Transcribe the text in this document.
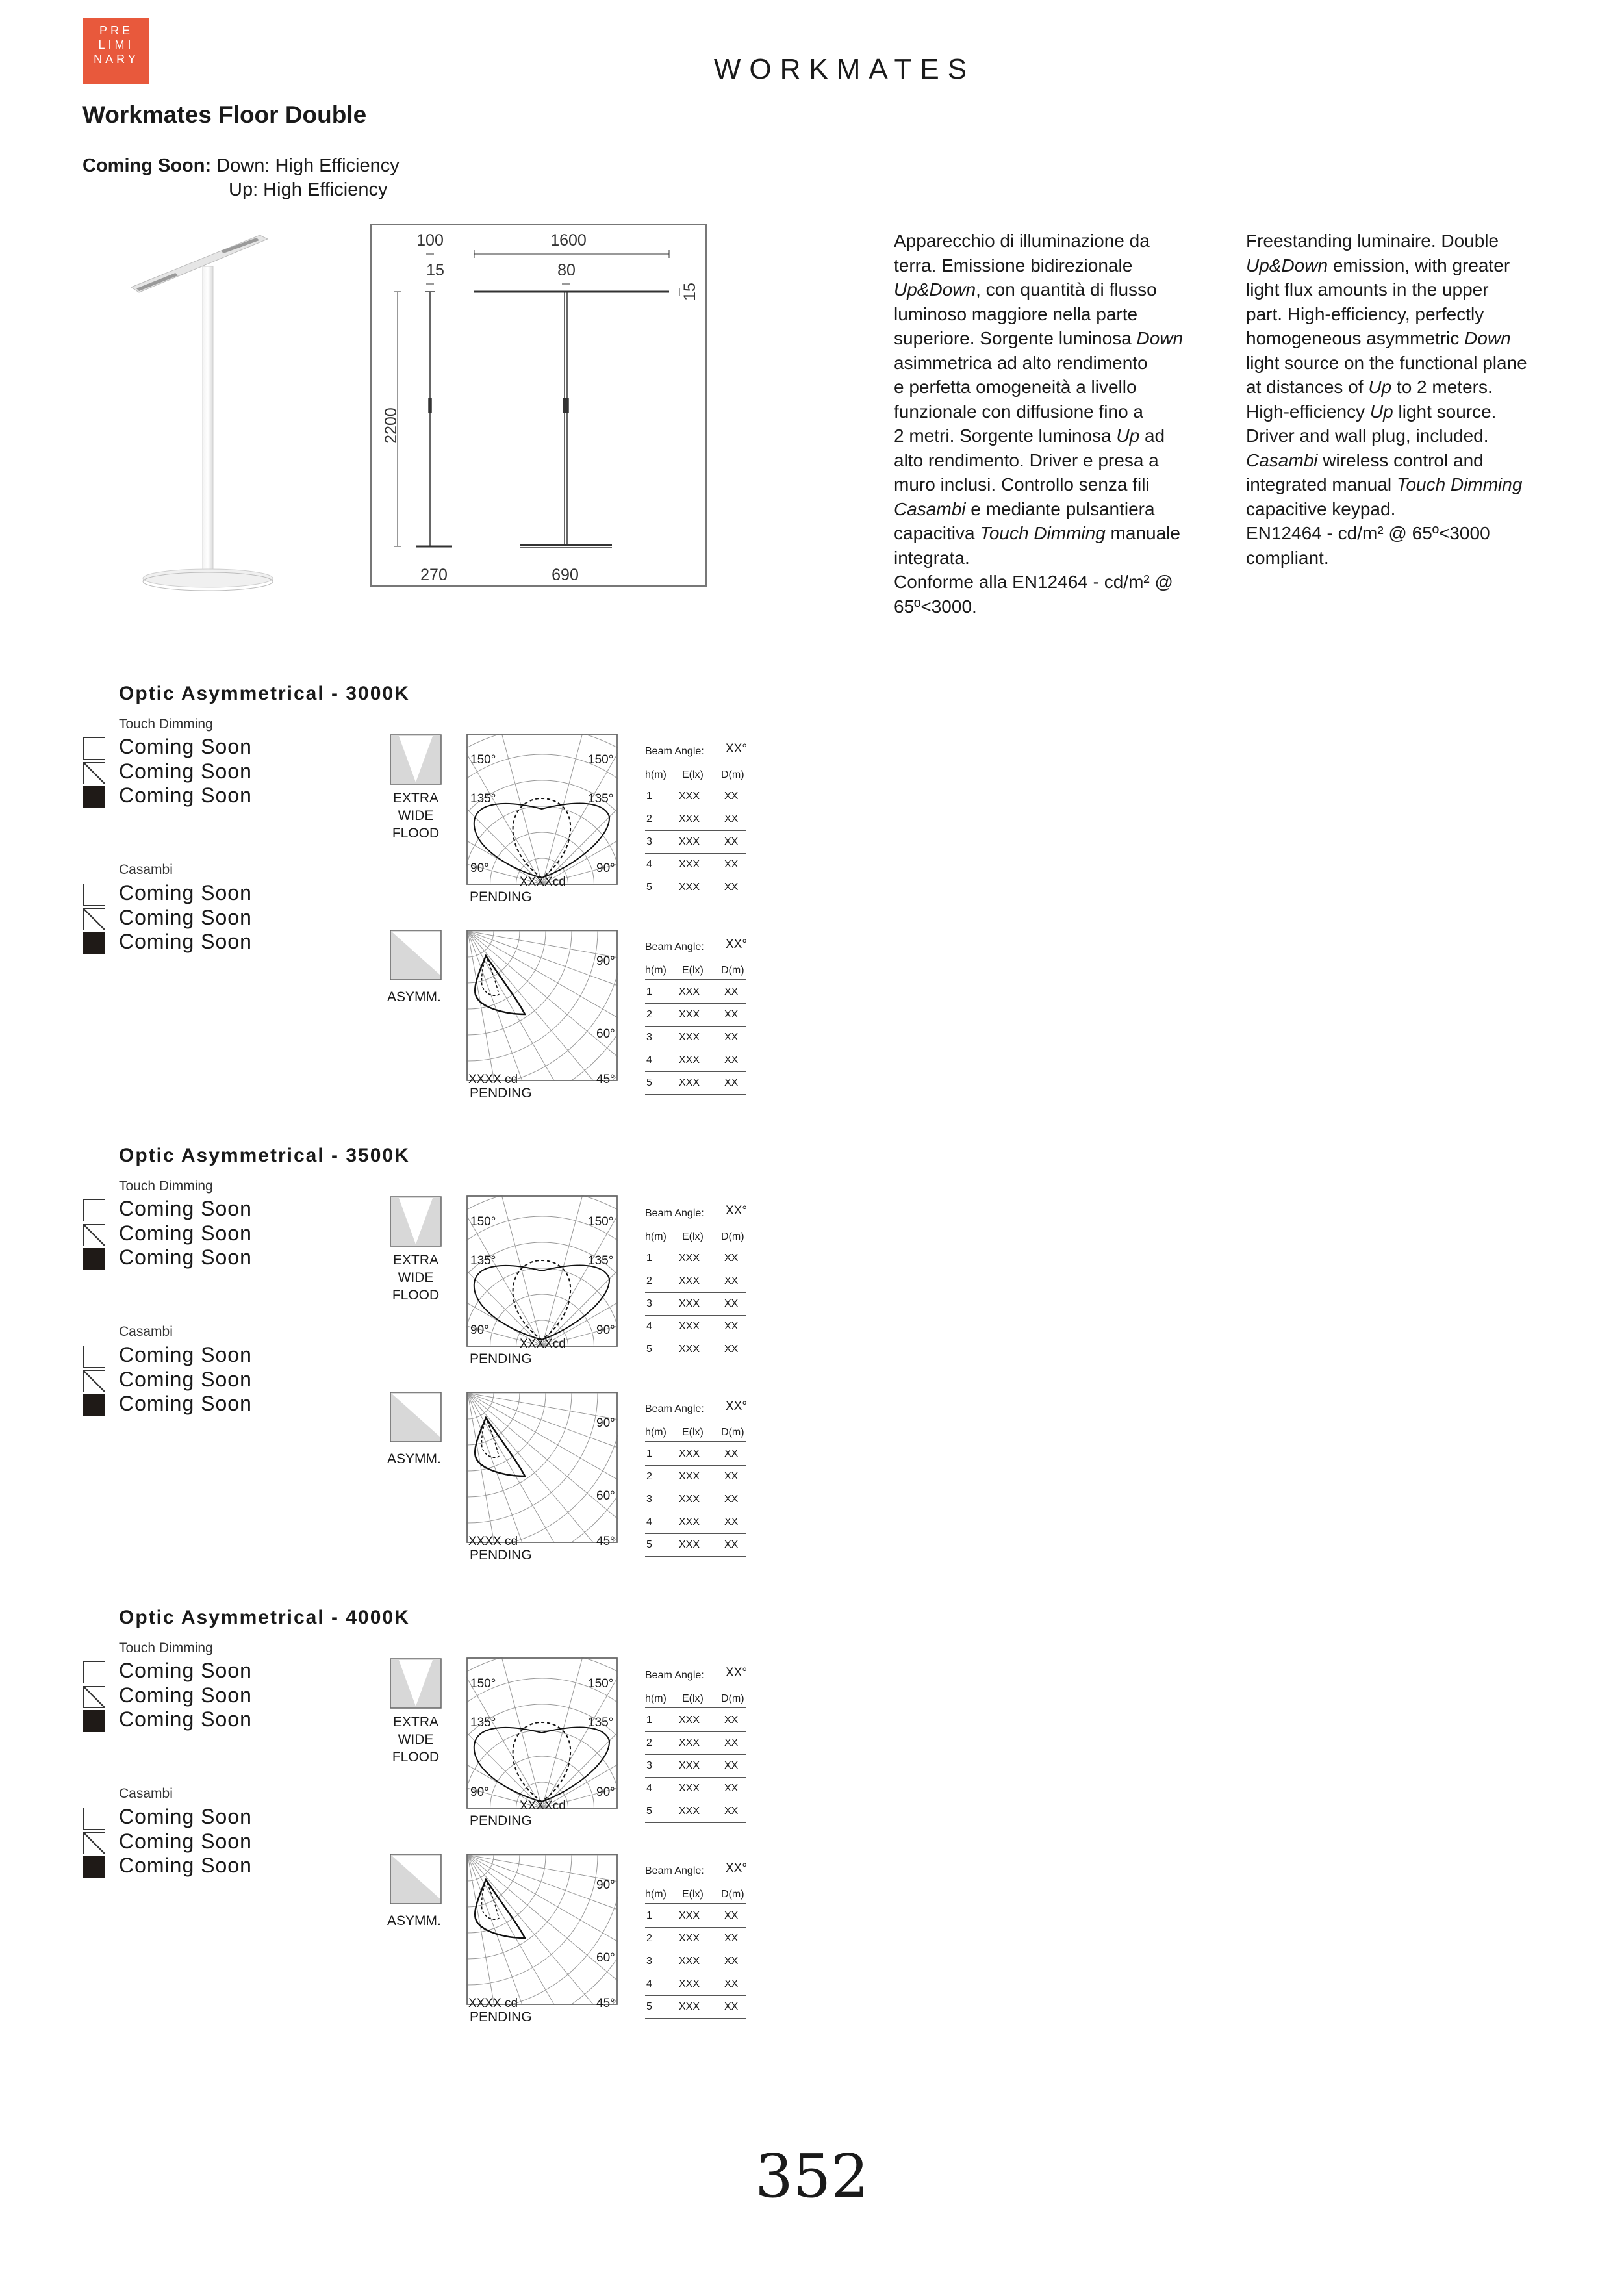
PRE
LIMI
NARY	WORKMATES
Workmates Floor Double
Coming Soon: Down: High Efficiency
Up: High Efficiency
100	1600
15	80
15
2200
270	690
Apparecchio di illuminazione da
terra. Emissione bidirezionale
Up&Down, con quantità di flusso
luminoso maggiore nella parte
superiore. Sorgente luminosa Down
asimmetrica ad alto rendimento
e perfetta omogeneità a livello
funzionale con diffusione fino a
2 metri. Sorgente luminosa Up ad
alto rendimento. Driver e presa a
muro inclusi. Controllo senza fili
Casambi e mediante pulsantiera
capacitiva Touch Dimming manuale
integrata.
Conforme alla EN12464 - cd/m² @
65º<3000.
Freestanding luminaire. Double
Up&Down emission, with greater
light flux amounts in the upper
part. High-efficiency, perfectly
homogeneous asymmetric Down
light source on the functional plane
at distances of Up to 2 meters.
High-efficiency Up light source.
Driver and wall plug, included.
Casambi wireless control and
integrated manual Touch Dimming
capacitive keypad.
EN12464 - cd/m² @ 65º<3000
compliant.
Optic Asymmetrical - 3000K
Touch Dimming
Coming Soon
Coming Soon
Coming Soon
Casambi
Coming Soon
Coming Soon
Coming Soon
EXTRA
WIDE
FLOOD
150°	150°
135°	135°
90°	90°
XXXXcd
PENDING
Beam Angle: XX°
h(m) E(lx) D(m)
1	XXX XX
2	XXX XX
3	XXX XX
4	XXX XX
5	XXX XX
ASYMM.
90°
60°
45°
XXXX cd
PENDING
Beam Angle: XX°
h(m) E(lx) D(m)
1	XXX XX
2	XXX XX
3	XXX XX
4	XXX XX
5	XXX XX
Optic Asymmetrical - 3500K
Touch Dimming
Coming Soon
Coming Soon
Coming Soon
Casambi
Coming Soon
Coming Soon
Coming Soon
EXTRA
WIDE
FLOOD
150°	150°
135°	135°
90°	90°
XXXXcd
PENDING
Beam Angle: XX°
h(m) E(lx) D(m)
1	XXX XX
2	XXX XX
3	XXX XX
4	XXX XX
5	XXX XX
ASYMM.
90°
60°
45°
XXXX cd
PENDING
Beam Angle: XX°
h(m) E(lx) D(m)
1	XXX XX
2	XXX XX
3	XXX XX
4	XXX XX
5	XXX XX
Optic Asymmetrical - 4000K
Touch Dimming
Coming Soon
Coming Soon
Coming Soon
Casambi
Coming Soon
Coming Soon
Coming Soon
EXTRA
WIDE
FLOOD
150°	150°
135°	135°
90°	90°
XXXXcd
PENDING
Beam Angle: XX°
h(m) E(lx) D(m)
1	XXX XX
2	XXX XX
3	XXX XX
4	XXX XX
5	XXX XX
ASYMM.
90°
60°
45°
XXXX cd
PENDING
Beam Angle: XX°
h(m) E(lx) D(m)
1	XXX XX
2	XXX XX
3	XXX XX
4	XXX XX
5	XXX XX
352
